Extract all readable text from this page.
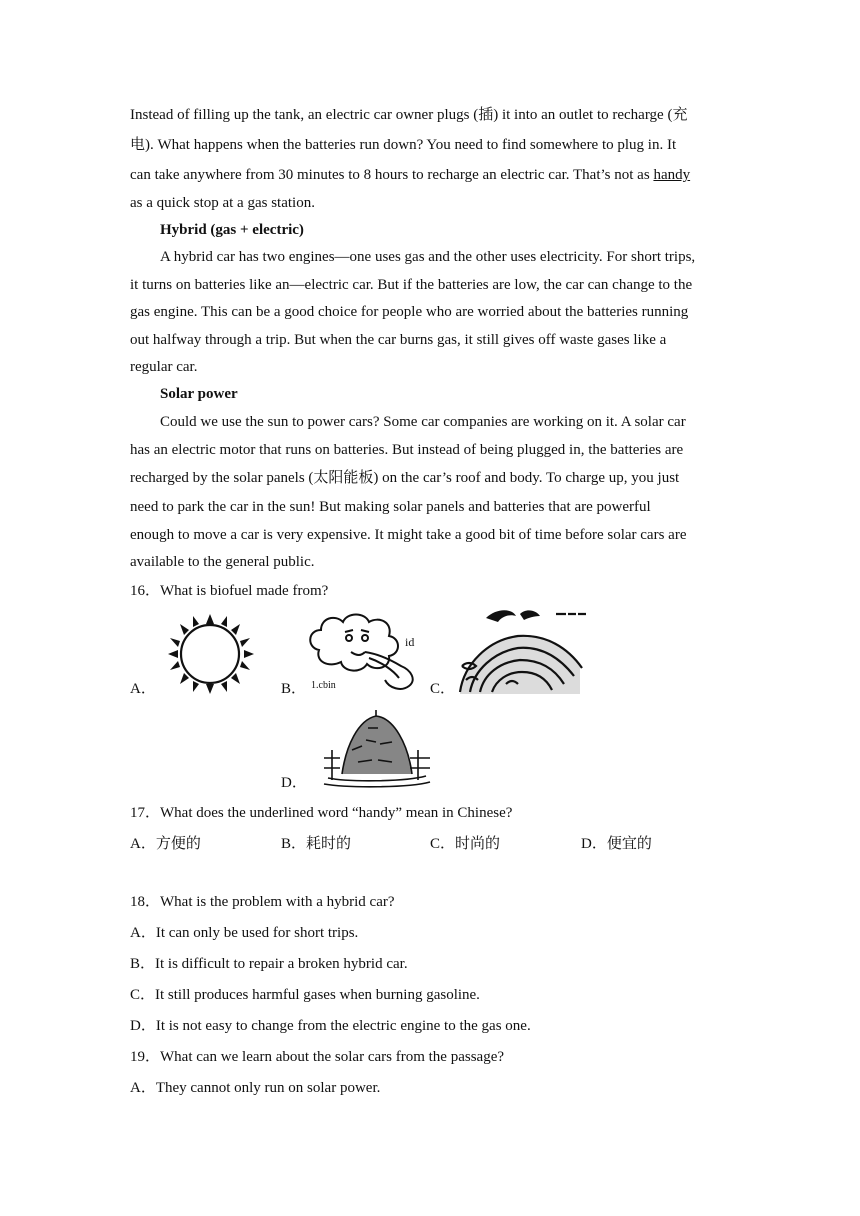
Instead of filling up the tank, an electric car owner plugs (插) it into an outlet to recharge (充
电). What happens when the batteries run down? You need to find somewhere to plug in. It
can take anywhere from 30 minutes to 8 hours to recharge an electric car. That’s not as handy
as a quick stop at a gas station.
Hybrid (gas + electric)
A hybrid car has two engines—one uses gas and the other uses electricity. For short trips,
it turns on batteries like an—electric car. But if the batteries are low, the car can change to the
gas engine. This can be a good choice for people who are worried about the batteries running
out halfway through a trip. But when the car burns gas, it still gives off waste gases like a
regular car.
Solar power
Could we use the sun to power cars? Some car companies are working on it. A solar car
has an electric motor that runs on batteries. But instead of being plugged in, the batteries are
recharged by the solar panels (太阳能板) on the car’s roof and body. To charge up, you just
need to park the car in the sun! But making solar panels and batteries that are powerful
enough to move a car is very expensive. It might take a good bit of time before solar cars are
available to the general public.
16．What is biofuel made from?
A．	B．
id
1.cbin	C．
D．
17．What does the underlined word “handy” mean in Chinese?
A．方便的	B．耗时的	C．时尚的	D．便宜的
18．What is the problem with a hybrid car?
A．It can only be used for short trips.
B．It is difficult to repair a broken hybrid car.
C．It still produces harmful gases when burning gasoline.
D．It is not easy to change from the electric engine to the gas one.
19．What can we learn about the solar cars from the passage?
A．They cannot only run on solar power.
